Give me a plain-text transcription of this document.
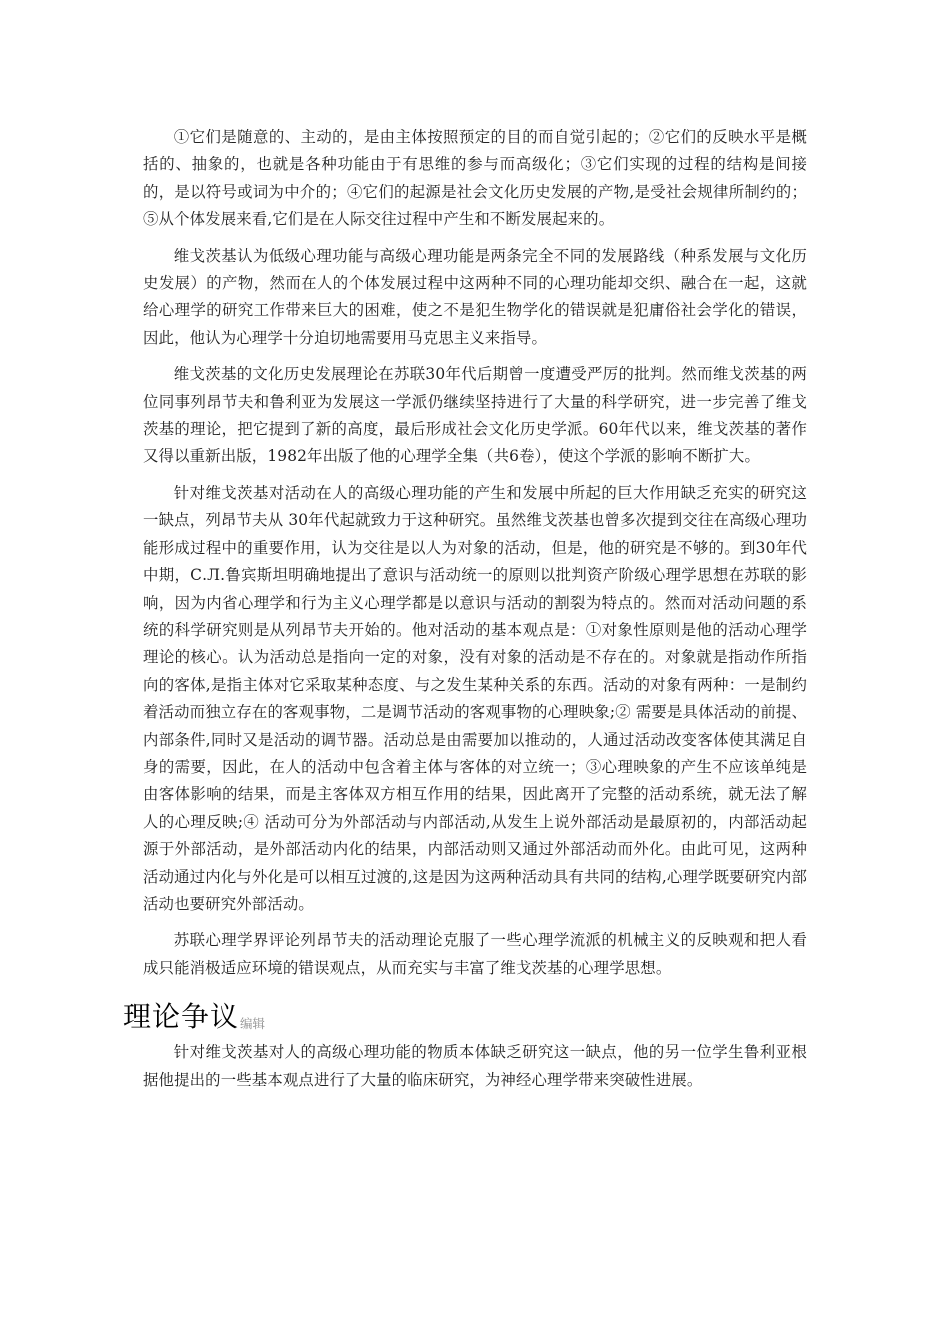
①它们是随意的、主动的，是由主体按照预定的目的而自觉引起的；②它们的反映水平是概括的、抽象的，也就是各种功能由于有思维的参与而高级化；③它们实现的过程的结构是间接的，是以符号或词为中介的；④它们的起源是社会文化历史发展的产物,是受社会规律所制约的；⑤从个体发展来看,它们是在人际交往过程中产生和不断发展起来的。

维戈茨基认为低级心理功能与高级心理功能是两条完全不同的发展路线（种系发展与文化历史发展）的产物，然而在人的个体发展过程中这两种不同的心理功能却交织、融合在一起，这就给心理学的研究工作带来巨大的困难，使之不是犯生物学化的错误就是犯庸俗社会学化的错误，因此，他认为心理学十分迫切地需要用马克思主义来指导。

维戈茨基的文化历史发展理论在苏联30年代后期曾一度遭受严厉的批判。然而维戈茨基的两位同事列昂节夫和鲁利亚为发展这一学派仍继续坚持进行了大量的科学研究，进一步完善了维戈茨基的理论，把它提到了新的高度，最后形成社会文化历史学派。60年代以来，维戈茨基的著作又得以重新出版，1982年出版了他的心理学全集（共6卷），使这个学派的影响不断扩大。

针对维戈茨基对活动在人的高级心理功能的产生和发展中所起的巨大作用缺乏充实的研究这一缺点，列昂节夫从 30年代起就致力于这种研究。虽然维戈茨基也曾多次提到交往在高级心理功能形成过程中的重要作用，认为交往是以人为对象的活动，但是，他的研究是不够的。到30年代中期，С.Л.鲁宾斯坦明确地提出了意识与活动统一的原则以批判资产阶级心理学思想在苏联的影响，因为内省心理学和行为主义心理学都是以意识与活动的割裂为特点的。然而对活动问题的系统的科学研究则是从列昂节夫开始的。他对活动的基本观点是：①对象性原则是他的活动心理学理论的核心。认为活动总是指向一定的对象，没有对象的活动是不存在的。对象就是指动作所指向的客体,是指主体对它采取某种态度、与之发生某种关系的东西。活动的对象有两种：一是制约着活动而独立存在的客观事物，二是调节活动的客观事物的心理映象;② 需要是具体活动的前提、内部条件,同时又是活动的调节器。活动总是由需要加以推动的，人通过活动改变客体使其满足自身的需要，因此，在人的活动中包含着主体与客体的对立统一；③心理映象的产生不应该单纯是由客体影响的结果，而是主客体双方相互作用的结果，因此离开了完整的活动系统，就无法了解人的心理反映;④ 活动可分为外部活动与内部活动,从发生上说外部活动是最原初的，内部活动起源于外部活动，是外部活动内化的结果，内部活动则又通过外部活动而外化。由此可见，这两种活动通过内化与外化是可以相互过渡的,这是因为这两种活动具有共同的结构,心理学既要研究内部活动也要研究外部活动。

苏联心理学界评论列昂节夫的活动理论克服了一些心理学流派的机械主义的反映观和把人看成只能消极适应环境的错误观点，从而充实与丰富了维戈茨基的心理学思想。

理论争议 编辑

针对维戈茨基对人的高级心理功能的物质本体缺乏研究这一缺点，他的另一位学生鲁利亚根据他提出的一些基本观点进行了大量的临床研究，为神经心理学带来突破性进展。
